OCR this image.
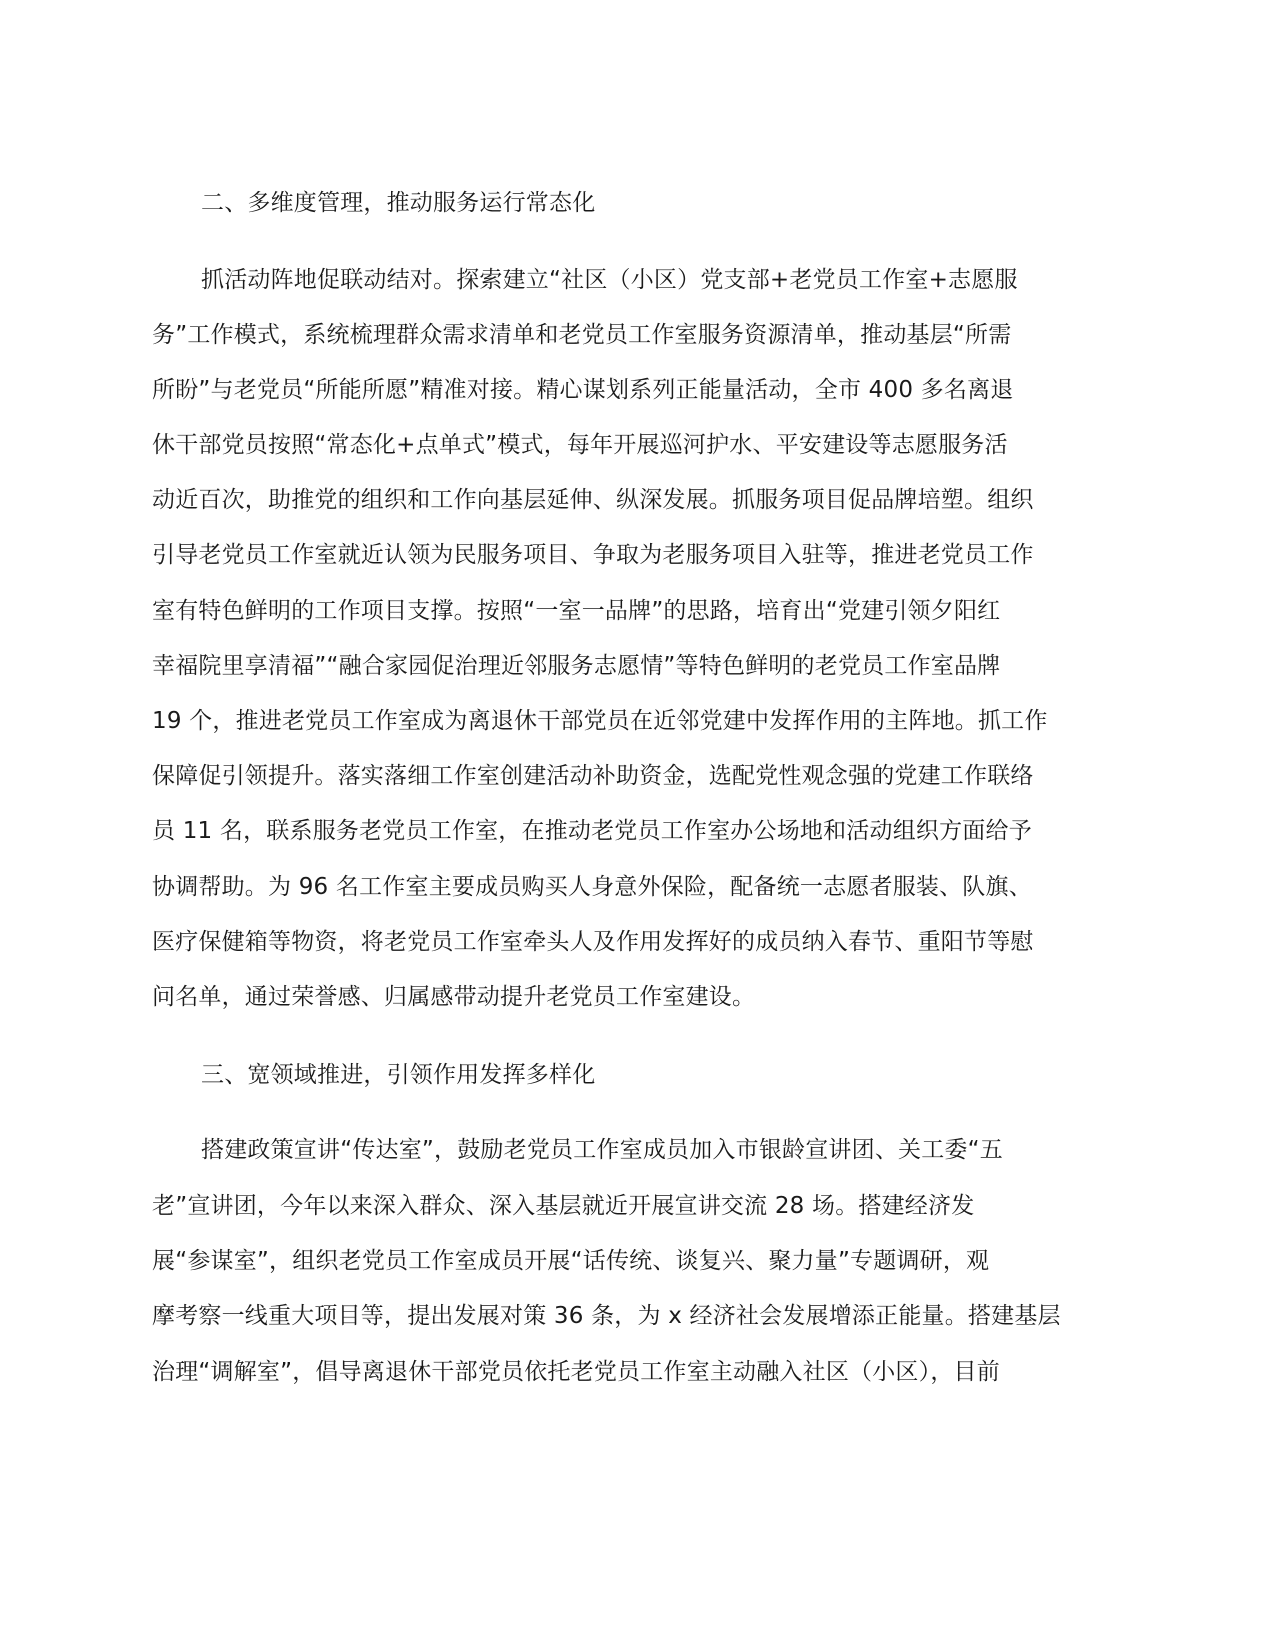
二、多维度管理，推动服务运行常态化
抓活动阵地促联动结对。探索建立“社区（小区）党支部+老党员工作室+志愿服
务”工作模式，系统梳理群众需求清单和老党员工作室服务资源清单，推动基层“所需
所盼”与老党员“所能所愿”精准对接。精心谋划系列正能量活动，全市 400 多名离退
休干部党员按照“常态化+点单式”模式，每年开展巡河护水、平安建设等志愿服务活
动近百次，助推党的组织和工作向基层延伸、纵深发展。抓服务项目促品牌培塑。组织
引导老党员工作室就近认领为民服务项目、争取为老服务项目入驻等，推进老党员工作
室有特色鲜明的工作项目支撑。按照“一室一品牌”的思路，培育出“党建引领夕阳红
幸福院里享清福”“融合家园促治理近邻服务志愿情”等特色鲜明的老党员工作室品牌
19 个，推进老党员工作室成为离退休干部党员在近邻党建中发挥作用的主阵地。抓工作
保障促引领提升。落实落细工作室创建活动补助资金，选配党性观念强的党建工作联络
员 11 名，联系服务老党员工作室，在推动老党员工作室办公场地和活动组织方面给予
协调帮助。为 96 名工作室主要成员购买人身意外保险，配备统一志愿者服装、队旗、
医疗保健箱等物资，将老党员工作室牵头人及作用发挥好的成员纳入春节、重阳节等慰
问名单，通过荣誉感、归属感带动提升老党员工作室建设。
三、宽领域推进，引领作用发挥多样化
搭建政策宣讲“传达室”，鼓励老党员工作室成员加入市银龄宣讲团、关工委“五
老”宣讲团，今年以来深入群众、深入基层就近开展宣讲交流 28 场。搭建经济发
展“参谋室”，组织老党员工作室成员开展“话传统、谈复兴、聚力量”专题调研，观
摩考察一线重大项目等，提出发展对策 36 条，为 x 经济社会发展增添正能量。搭建基层
治理“调解室”，倡导离退休干部党员依托老党员工作室主动融入社区（小区），目前
